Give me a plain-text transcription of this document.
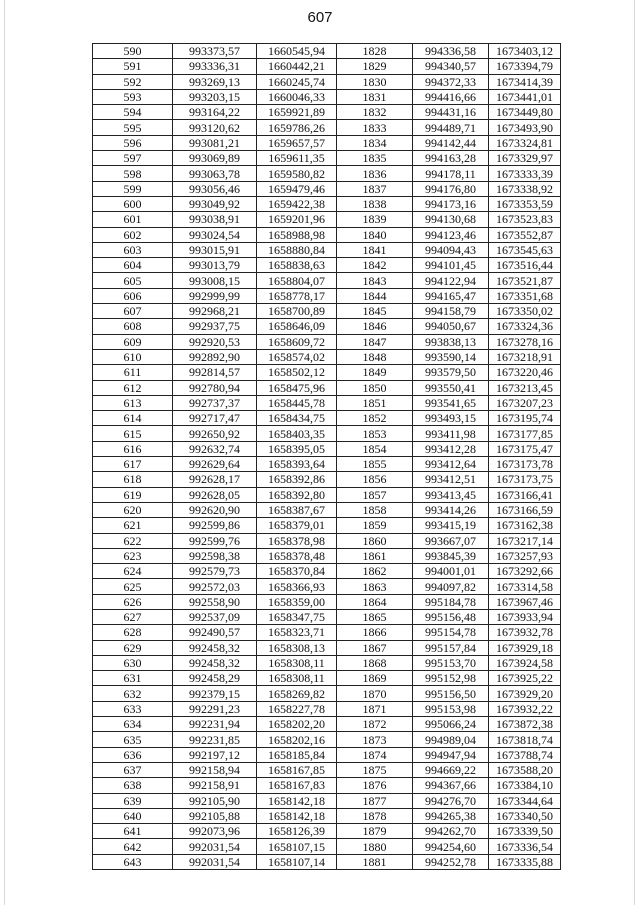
607
590	993373,57	1660545,94	1828	994336,58	1673403,12
591	993336,31	1660442,21	1829	994340,57	1673394,79
592	993269,13	1660245,74	1830	994372,33	1673414,39
593	993203,15	1660046,33	1831	994416,66	1673441,01
594	993164,22	1659921,89	1832	994431,16	1673449,80
595	993120,62	1659786,26	1833	994489,71	1673493,90
596	993081,21	1659657,57	1834	994142,44	1673324,81
597	993069,89	1659611,35	1835	994163,28	1673329,97
598	993063,78	1659580,82	1836	994178,11	1673333,39
599	993056,46	1659479,46	1837	994176,80	1673338,92
600	993049,92	1659422,38	1838	994173,16	1673353,59
601	993038,91	1659201,96	1839	994130,68	1673523,83
602	993024,54	1658988,98	1840	994123,46	1673552,87
603	993015,91	1658880,84	1841	994094,43	1673545,63
604	993013,79	1658838,63	1842	994101,45	1673516,44
605	993008,15	1658804,07	1843	994122,94	1673521,87
606	992999,99	1658778,17	1844	994165,47	1673351,68
607	992968,21	1658700,89	1845	994158,79	1673350,02
608	992937,75	1658646,09	1846	994050,67	1673324,36
609	992920,53	1658609,72	1847	993838,13	1673278,16
610	992892,90	1658574,02	1848	993590,14	1673218,91
611	992814,57	1658502,12	1849	993579,50	1673220,46
612	992780,94	1658475,96	1850	993550,41	1673213,45
613	992737,37	1658445,78	1851	993541,65	1673207,23
614	992717,47	1658434,75	1852	993493,15	1673195,74
615	992650,92	1658403,35	1853	993411,98	1673177,85
616	992632,74	1658395,05	1854	993412,28	1673175,47
617	992629,64	1658393,64	1855	993412,64	1673173,78
618	992628,17	1658392,86	1856	993412,51	1673173,75
619	992628,05	1658392,80	1857	993413,45	1673166,41
620	992620,90	1658387,67	1858	993414,26	1673166,59
621	992599,86	1658379,01	1859	993415,19	1673162,38
622	992599,76	1658378,98	1860	993667,07	1673217,14
623	992598,38	1658378,48	1861	993845,39	1673257,93
624	992579,73	1658370,84	1862	994001,01	1673292,66
625	992572,03	1658366,93	1863	994097,82	1673314,58
626	992558,90	1658359,00	1864	995184,78	1673967,46
627	992537,09	1658347,75	1865	995156,48	1673933,94
628	992490,57	1658323,71	1866	995154,78	1673932,78
629	992458,32	1658308,13	1867	995157,84	1673929,18
630	992458,32	1658308,11	1868	995153,70	1673924,58
631	992458,29	1658308,11	1869	995152,98	1673925,22
632	992379,15	1658269,82	1870	995156,50	1673929,20
633	992291,23	1658227,78	1871	995153,98	1673932,22
634	992231,94	1658202,20	1872	995066,24	1673872,38
635	992231,85	1658202,16	1873	994989,04	1673818,74
636	992197,12	1658185,84	1874	994947,94	1673788,74
637	992158,94	1658167,85	1875	994669,22	1673588,20
638	992158,91	1658167,83	1876	994367,66	1673384,10
639	992105,90	1658142,18	1877	994276,70	1673344,64
640	992105,88	1658142,18	1878	994265,38	1673340,50
641	992073,96	1658126,39	1879	994262,70	1673339,50
642	992031,54	1658107,15	1880	994254,60	1673336,54
643	992031,54	1658107,14	1881	994252,78	1673335,88
